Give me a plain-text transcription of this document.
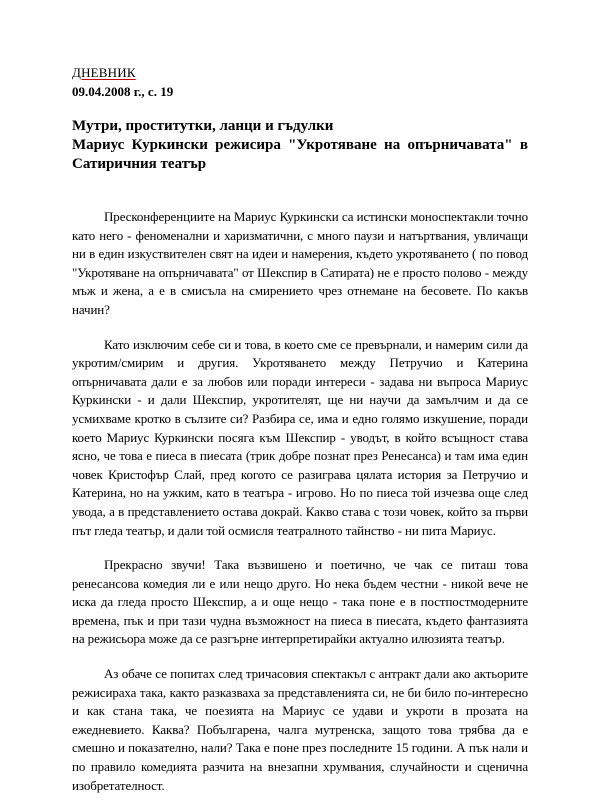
ДНЕВНИК
09.04.2008 г., с. 19
Мутри, проститутки, ланци и гъдулки
Мариус Куркински режисира "Укротяване на опърничавата" в Сатиричния театър

Пресконференциите на Мариус Куркински са истински моноспектакли точно като него - феноменални и харизматични, с много паузи и натъртвания, увличащи ни в един изкуствителен свят на идеи и намерения, където укротяването ( по повод "Укротяване на опърничавата" от Шекспир в Сатирата) не е просто полово - между мъж и жена, а е в смисъла на смирението чрез отнемане на бесовете. По какъв начин?

Като изключим себе си и това, в което сме се превърнали, и намерим сили да укротим/смирим и другия. Укротяването между Петручио и Катерина опърничавата дали е за любов или поради интереси - задава ни въпроса Мариус Куркински - и дали Шекспир, укротителят, ще ни научи да замълчим и да се усмихваме кротко в сълзите си? Разбира се, има и едно голямо изкушение, поради което Мариус Куркински посяга към Шекспир - уводът, в който всъщност става ясно, че това е пиеса в пиесата (трик добре познат през Ренесанса) и там има един човек Кристофър Слай, пред когото се разиграва цялата история за Петручио и Катерина, но на ужким, като в театъра - игрово. Но по пиеса той изчезва още след увода, а в представлението остава докрай. Какво става с този човек, който за първи път гледа театър, и дали той осмисля театралното тайнство - ни пита Мариус.

Прекрасно звучи! Така възвишено и поетично, че чак се питаш това ренесансова комедия ли е или нещо друго. Но нека бъдем честни - никой вече не иска да гледа просто Шекспир, а и още нещо - така поне е в постпостмодерните времена, пък и при тази чудна възможност на пиеса в пиесата, където фантазията на режисьора може да се разгърне интерпретирайки актуално илюзията театър.

Аз обаче се попитах след тричасовия спектакъл с антракт дали ако актьорите режисираха така, както разказваха за представленията си, не би било по-интересно и как стана така, че поезията на Мариус се удави и укроти в прозата на ежедневието. Каква? Побългарена, чалга мутренска, защото това трябва да е смешно и показателно, нали? Така е поне през последните 15 години. А пък нали и по правило комедията разчита на внезапни хрумвания, случайности и сценична изобретателност.
